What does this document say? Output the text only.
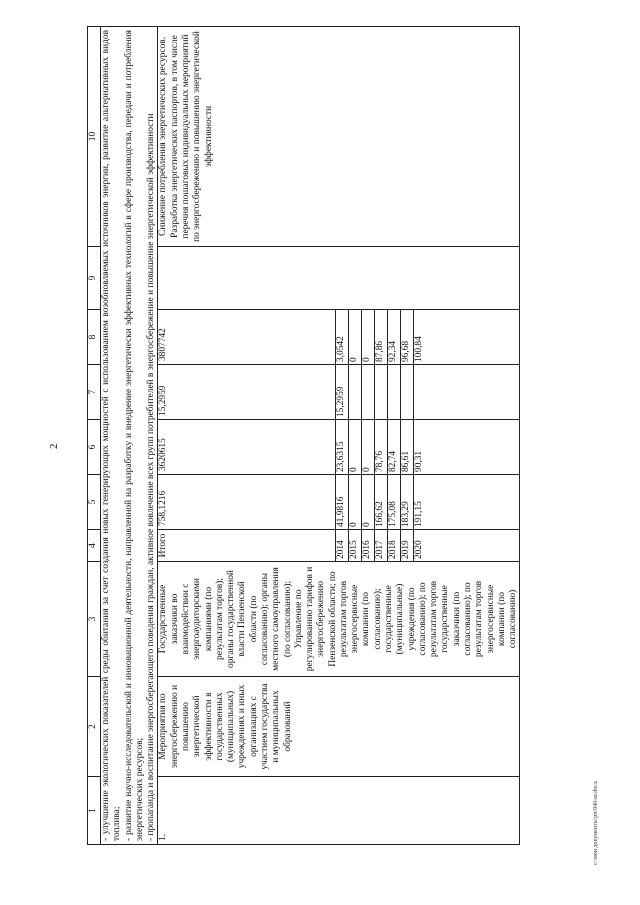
2
c:\мои документы\рп\940-ш.docx
1	2	3	4	5	6	7	8	9	10

- улучшение экологических показателей среды обитания за счет создания новых генерирующих мощностей с использованием возобновляемых источников энергии, развитие альтернативных видов топлива; - развитие научно-исследовательской и инновационной деятельности, направленной на разработку и внедрение энергетически эффективных технологий в сфере производства, передачи и потребления энергетических ресурсов; - пропаганда и воспитание энергосберегающего поведения граждан, активное вовлечение всех групп потребителей в энергосбережение и повышение энергетической эффективности									

1.	Мероприятия по энергосбережению и повышению энергетической эффективности в государственных (муниципальных) учреждениях и иных организациях с участием государства и муниципальных образований	Государственные заказчики во взаимодействии с энергоаудиторскими компаниями (по результатам торгов); органы государственной власти Пензенской области (по согласованию); органы местного самоуправления (по согласованию); Управление по регулированию тарифов и энергосбережению Пензенской области; по результатам торгов энергосервисные компании (по согласованию); государственные (муниципальные) учреждения (по согласованию); по результатам торгов государственные заказчики (по согласованию); по результатам торгов энергосервисные компании (по согласованию)	Итого	758,1216	3620615	15,2959	3807742		Снижение потребления энергетических ресурсов. Разработка энергетических паспортов, в том числе перечня пошаговых индивидуальных мероприятий по энергосбережению и повышению энергетической эффективности
			2014	41,9816	23,6315	15,2959	3,0542		
			2015	0	0		0		
			2016	0	0		0		
			2017	166,62	78,76		87,86		
			2018	175,08	82,74		92,34		
			2019	183,29	86,61		96,68		
			2020	191,15	90,31		100,84		
